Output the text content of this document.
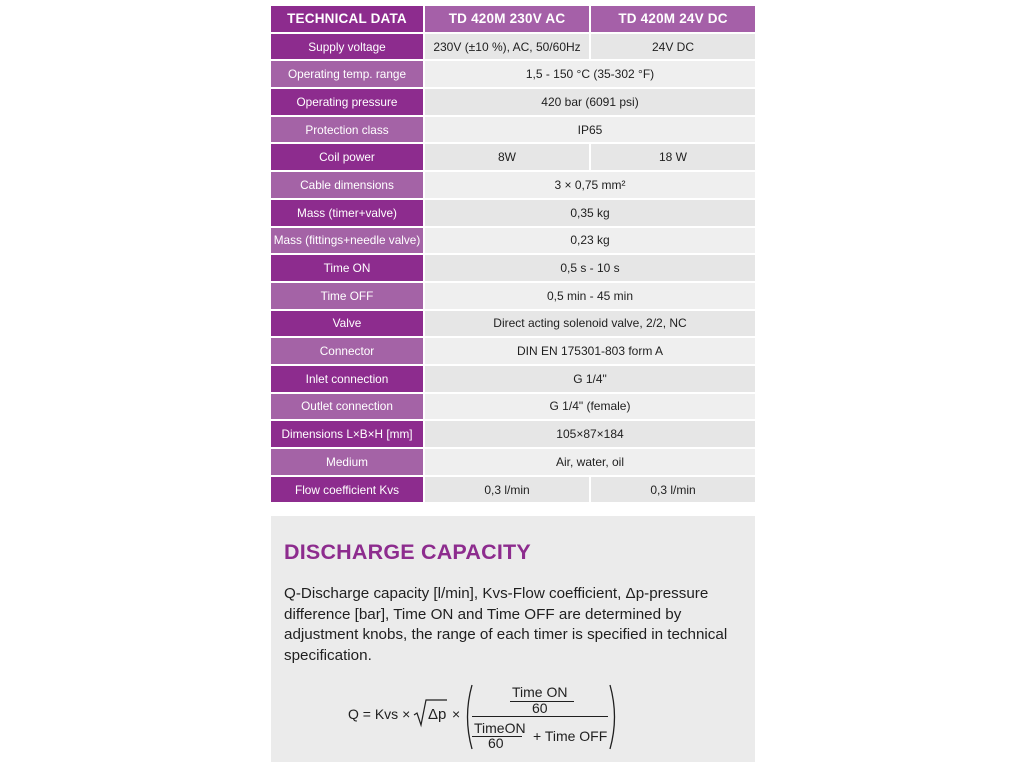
TECHNICAL DATA	TD 420M 230V AC	TD 420M 24V DC
Supply voltage	230V (±10 %), AC, 50/60Hz	24V DC
Operating temp. range	1,5 - 150 °C (35-302 °F)	
Operating pressure	420 bar (6091 psi)	
Protection class	IP65	
Coil power	8W	18 W
Cable dimensions	3 × 0,75 mm²	
Mass (timer+valve)	0,35 kg	
Mass (fittings+needle valve)	0,23 kg	
Time ON	0,5 s - 10 s	
Time OFF	0,5 min - 45 min	
Valve	Direct acting solenoid valve, 2/2, NC	
Connector	DIN EN 175301-803 form A	
Inlet connection	G 1/4"	
Outlet connection	G 1/4" (female)	
Dimensions L×B×H [mm]	105×87×184	
Medium	Air, water, oil	
Flow coefficient Kvs	0,3 l/min	0,3 l/min
DISCHARGE CAPACITY

Q-Discharge capacity [l/min], Kvs-Flow coefficient, Δp-pressure difference [bar], Time ON and Time OFF are determined by adjustment knobs, the range of each timer is specified in technical specification.

Q = Kvs × Δp ×
Time ON
60
TimeON
60 + Time OFF
